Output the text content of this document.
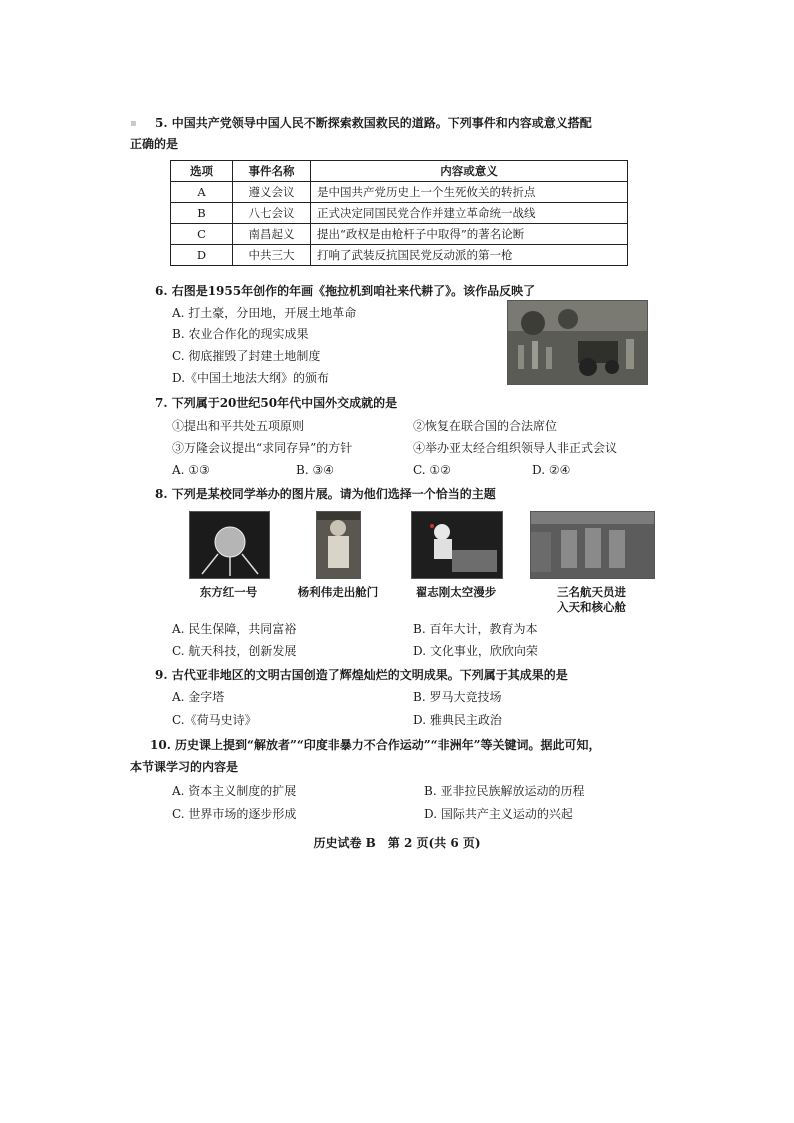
▪ 5. 中国共产党领导中国人民不断探索救国救民的道路。下列事件和内容或意义搭配
正确的是
选项	事件名称	内容或意义
A	遵义会议	是中国共产党历史上一个生死攸关的转折点
B	八七会议	正式决定同国民党合作并建立革命统一战线
C	南昌起义	提出“政权是由枪杆子中取得”的著名论断
D	中共三大	打响了武装反抗国民党反动派的第一枪
6. 右图是1955年创作的年画《拖拉机到咱社来代耕了》。该作品反映了
A. 打土豪，分田地，开展土地革命
B. 农业合作化的现实成果
C. 彻底摧毁了封建土地制度
D.《中国土地法大纲》的颁布
7. 下列属于20世纪50年代中国外交成就的是
①提出和平共处五项原则	②恢复在联合国的合法席位
③万隆会议提出“求同存异”的方针	④举办亚太经合组织领导人非正式会议
A. ①③	B. ③④	C. ①②	D. ②④
8. 下列是某校同学举办的图片展。请为他们选择一个恰当的主题
东方红一号	杨利伟走出舱门	翟志刚太空漫步	三名航天员进
入天和核心舱
A. 民生保障，共同富裕	B. 百年大计，教育为本
C. 航天科技，创新发展	D. 文化事业，欣欣向荣
9. 古代亚非地区的文明古国创造了辉煌灿烂的文明成果。下列属于其成果的是
A. 金字塔	B. 罗马大竞技场
C.《荷马史诗》	D. 雅典民主政治
10. 历史课上提到“解放者”“印度非暴力不合作运动”“非洲年”等关键词。据此可知，
本节课学习的内容是
A. 资本主义制度的扩展	B. 亚非拉民族解放运动的历程
C. 世界市场的逐步形成	D. 国际共产主义运动的兴起
历史试卷 B　第 2 页(共 6 页)
